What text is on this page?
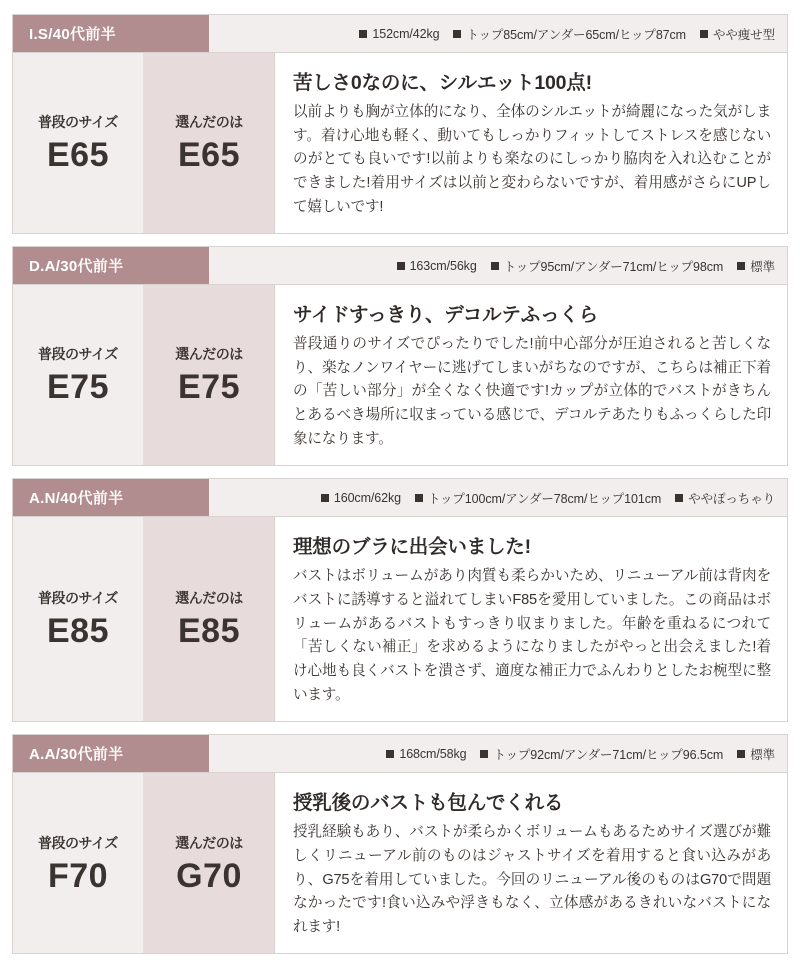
I.S/40代前半	152cm/42kg トップ85cm/アンダー65cm/ヒップ87cm やや痩せ型
普段のサイズ
E65
選んだのは
E65

苦しさ0なのに、シルエット100点!

以前よりも胸が立体的になり、全体のシルエットが綺麗になった気がします。着け心地も軽く、動いてもしっかりフィットしてストレスを感じないのがとても良いです!以前よりも楽なのにしっかり脇肉を入れ込むことができました!着用サイズは以前と変わらないですが、着用感がさらにUPして嬉しいです!

D.A/30代前半	163cm/56kg トップ95cm/アンダー71cm/ヒップ98cm 標準
普段のサイズ
E75
選んだのは
E75

サイドすっきり、デコルテふっくら

普段通りのサイズでぴったりでした!前中心部分が圧迫されると苦しくなり、楽なノンワイヤーに逃げてしまいがちなのですが、こちらは補正下着の「苦しい部分」が全くなく快適です!カップが立体的でバストがきちんとあるべき場所に収まっている感じで、デコルテあたりもふっくらした印象になります。

A.N/40代前半	160cm/62kg トップ100cm/アンダー78cm/ヒップ101cm ややぽっちゃり
普段のサイズ
E85
選んだのは
E85

理想のブラに出会いました!

バストはボリュームがあり肉質も柔らかいため、リニューアル前は背肉をバストに誘導すると溢れてしまいF85を愛用していました。この商品はボリュームがあるバストもすっきり収まりました。年齢を重ねるにつれて「苦しくない補正」を求めるようになりましたがやっと出会えました!着け心地も良くバストを潰さず、適度な補正力でふんわりとしたお椀型に整います。

A.A/30代前半	168cm/58kg トップ92cm/アンダー71cm/ヒップ96.5cm 標準
普段のサイズ
F70
選んだのは
G70

授乳後のバストも包んでくれる

授乳経験もあり、バストが柔らかくボリュームもあるためサイズ選びが難しくリニューアル前のものはジャストサイズを着用すると食い込みがあり、G75を着用していました。今回のリニューアル後のものはG70で問題なかったです!食い込みや浮きもなく、立体感があるきれいなバストになれます!
